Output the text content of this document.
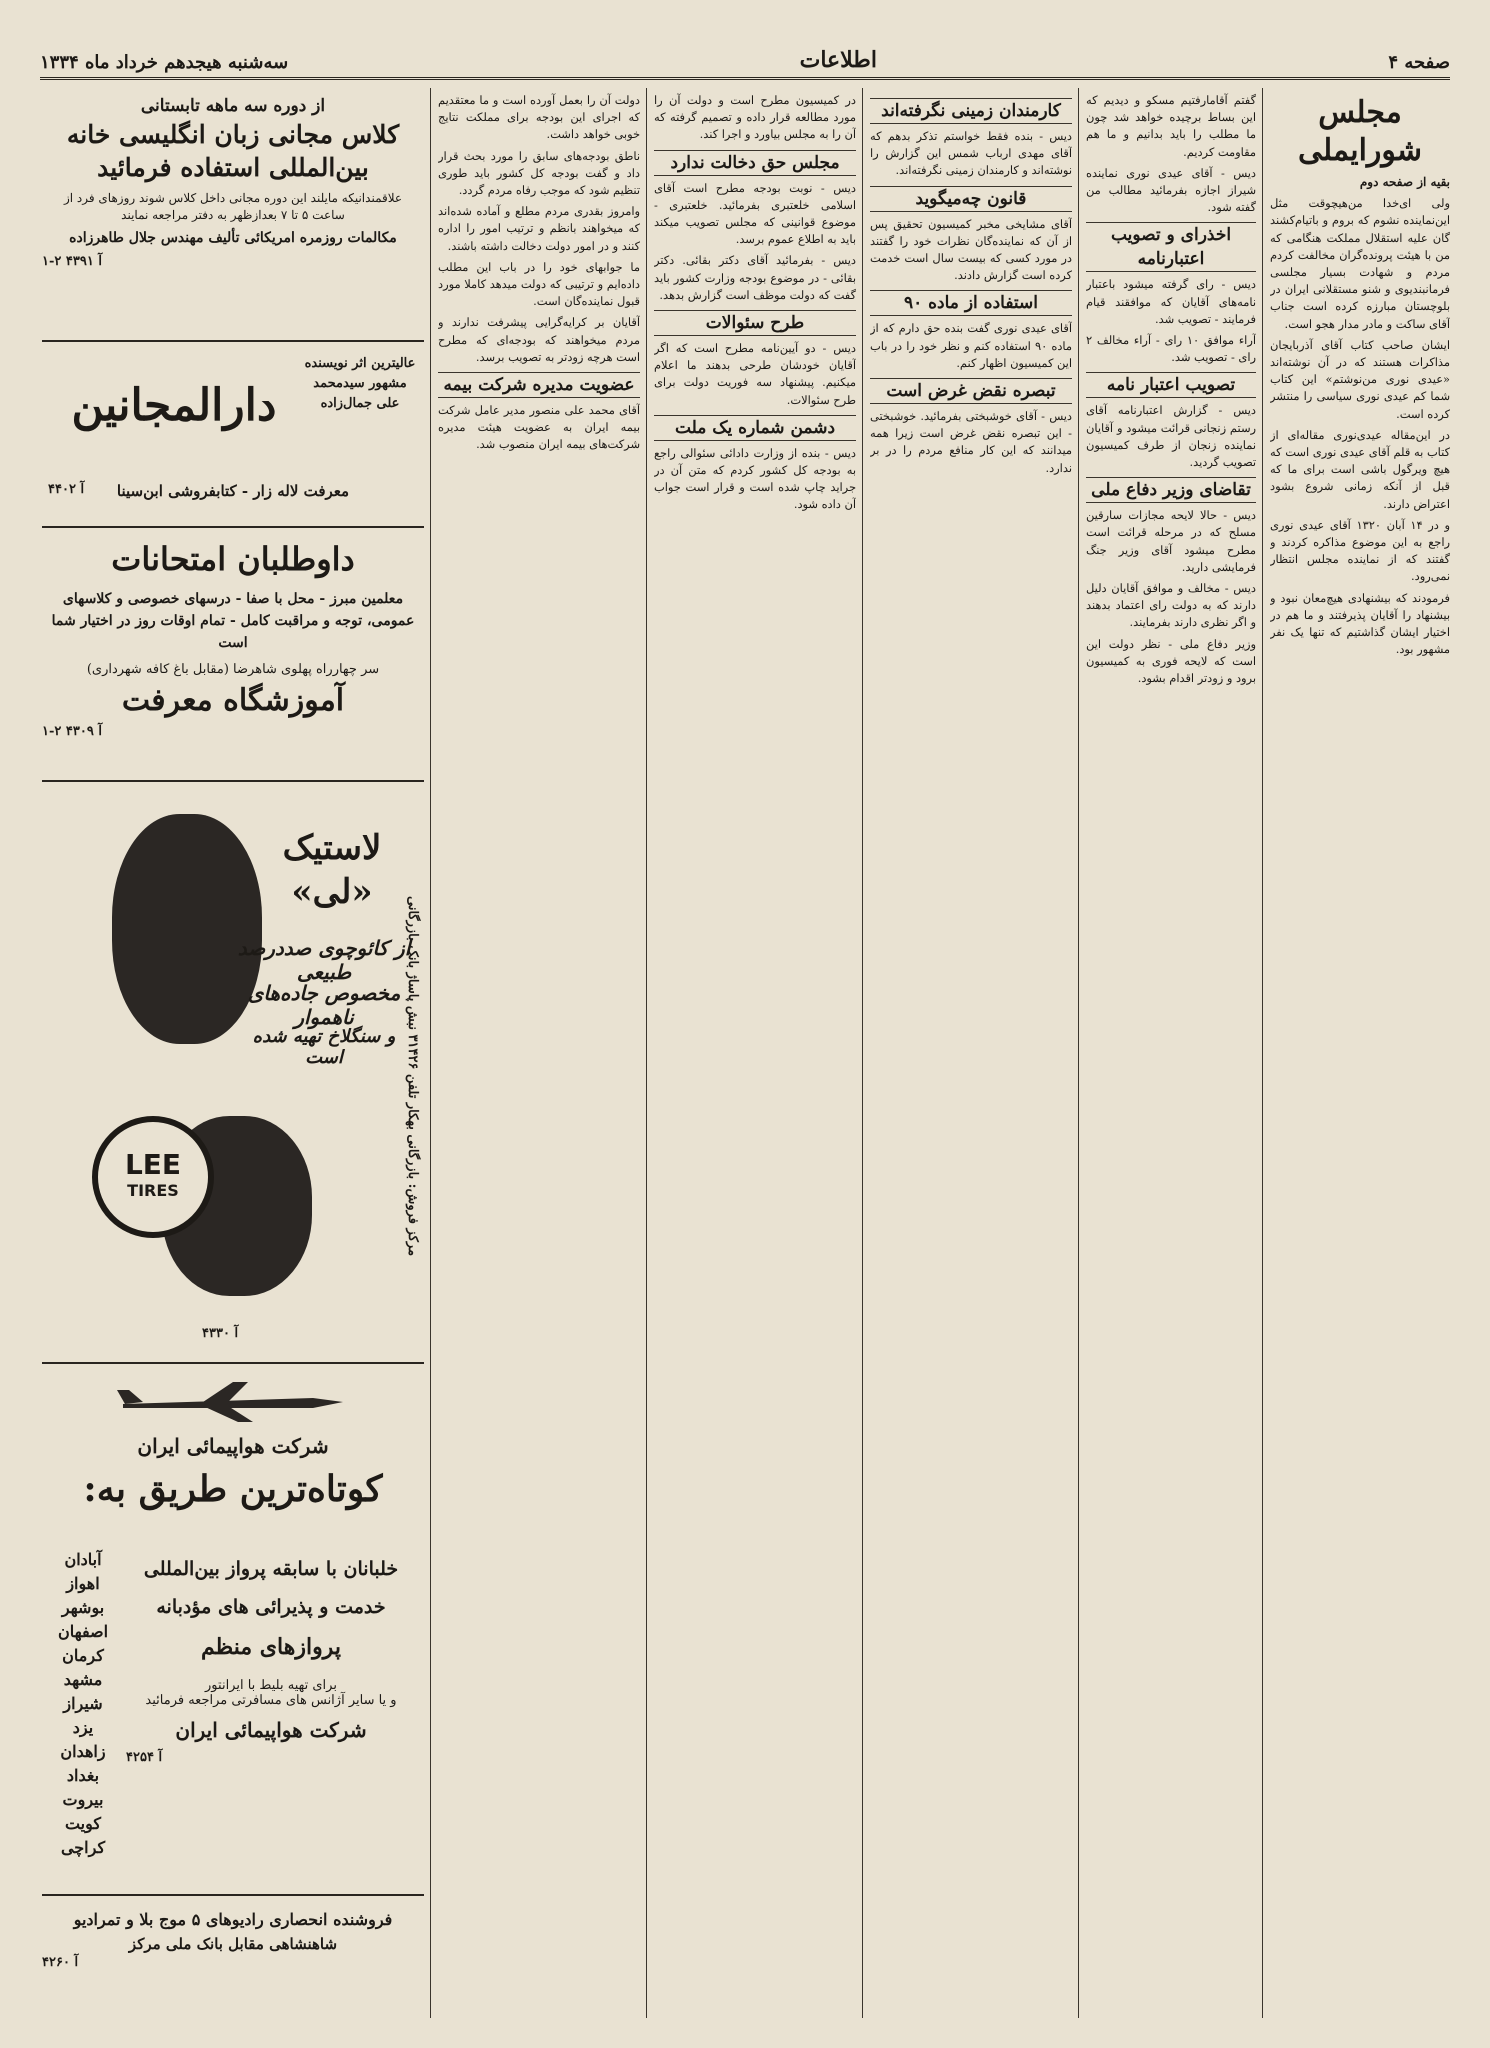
صفحه ۴
اطلاعات
سه‌شنبه هیجدهم خرداد ماه ۱۳۳۴
مجلس شورایملی
بقیه از صفحه دوم

ولی ای‌خدا من‌هیچوقت مثل این‌نماینده نشوم که بروم و باتیام‌کشند گان علیه استقلال مملکت هنگامی که من با هیئت پرونده‌گران مخالفت کردم مردم و شهادت بسیار مجلسی فرمانبندیوی و شنو مستقلانی ایران در بلوچستان مبارزه کرده است جناب آقای ساکت و مادر مدار هجو است.

ایشان صاحب کتاب آقای آذربایجان مذاکرات هستند که در آن نوشته‌اند «عیدی نوری من‌نوشتم» این کتاب شما کم عیدی نوری سیاسی را منتشر کرده است.

در این‌مقاله عیدی‌نوری مقاله‌ای از کتاب به قلم آقای عیدی نوری است که هیچ ویرگول باشی است برای ما که قبل از آنکه زمانی شروع بشود اعتراض دارند.

و در ۱۴ آبان ۱۳۲۰ آقای عیدی نوری راجع به این موضوع مذاکره کردند و گفتند که از نماینده مجلس انتظار نمی‌رود.

فرمودند که بیشنهادی هیچ‌معان نبود و بیشنهاد را آقایان پذیرفتند و ما هم در اختیار ایشان گذاشتیم که تنها یک نفر مشهور بود.

گفتم آقامارفتیم مسکو و دیدیم که این بساط برچیده خواهد شد چون ما مطلب را باید بدانیم و ما هم مقاومت کردیم.

دیس - آقای عیدی نوری نماینده شیراز اجازه بفرمائید مطالب من گفته شود.

اخذرای و تصویب اعتبارنامه

دیس - رای گرفته میشود باعتبار نامه‌های آقایان که موافقند قیام فرمایند - تصویب شد.

آراء موافق ۱۰ رای - آراء مخالف ۲ رای - تصویب شد.

تصویب اعتبار نامه

دیس - گزارش اعتبارنامه آقای رستم زنجانی قرائت میشود و آقایان نماینده زنجان از طرف کمیسیون تصویب گردید.

تقاضای وزیر دفاع ملی

دیس - حالا لایحه مجازات سارقین مسلح که در مرحله قرائت است مطرح میشود آقای وزیر جنگ فرمایشی دارید.

دیس - مخالف و موافق آقایان دلیل دارند که به دولت رای اعتماد بدهند و اگر نظری دارند بفرمایند.

وزیر دفاع ملی - نظر دولت این است که لایحه فوری به کمیسیون برود و زودتر اقدام بشود.

کارمندان زمینی نگرفته‌اند

دیس - بنده فقط خواستم تذکر بدهم که آقای مهدی ارباب شمس این گزارش را نوشته‌اند و کارمندان زمینی نگرفته‌اند.

قانون چه‌میگوید

آقای مشایخی مخبر کمیسیون تحقیق پس از آن که نماینده‌گان نظرات خود را گفتند در مورد کسی که بیست سال است خدمت کرده است گزارش دادند.

استفاده از ماده ۹۰

آقای عیدی نوری گفت بنده حق دارم که از ماده ۹۰ استفاده کنم و نظر خود را در باب این کمیسیون اظهار کنم.

تبصره نقض غرض است

دیس - آقای خوشبختی بفرمائید. خوشبختی - این تبصره نقض غرض است زیرا همه میدانند که این کار منافع مردم را در بر ندارد.

در کمیسیون مطرح است و دولت آن را مورد مطالعه قرار داده و تصمیم گرفته که آن را به مجلس بیاورد و اجرا کند.

مجلس حق دخالت ندارد

دیس - نوبت بودجه مطرح است آقای اسلامی خلعتبری بفرمائید. خلعتبری - موضوع قوانینی که مجلس تصویب میکند باید به اطلاع عموم برسد.

دیس - بفرمائید آقای دکتر بقائی. دکتر بقائی - در موضوع بودجه وزارت کشور باید گفت که دولت موظف است گزارش بدهد.

طرح سئوالات

دیس - دو آیین‌نامه مطرح است که اگر آقایان خودشان طرحی بدهند ما اعلام میکنیم. پیشنهاد سه فوریت دولت برای طرح سئوالات.

دشمن شماره یک ملت

دیس - بنده از وزارت دادائی سئوالی راجع به بودجه کل کشور کردم که متن آن در جراید چاپ شده است و قرار است جواب آن داده شود.

دولت آن را بعمل آورده است و ما معتقدیم که اجرای این بودجه برای مملکت نتایج خوبی خواهد داشت.

ناطق بودجه‌های سابق را مورد بحث قرار داد و گفت بودجه کل کشور باید طوری تنظیم شود که موجب رفاه مردم گردد.

وامروز بقدری مردم مطلع و آماده شده‌اند که میخواهند بانظم و ترتیب امور را اداره کنند و در امور دولت دخالت داشته باشند.

ما جوابهای خود را در باب این مطلب داده‌ایم و ترتیبی که دولت میدهد کاملا مورد قبول نماینده‌گان است.

آقایان بر کرایه‌گرایی پیشرفت ندارند و مردم میخواهند که بودجه‌ای که مطرح است هرچه زودتر به تصویب برسد.

عضویت مدیره شرکت بیمه

آقای محمد علی منصور مدیر عامل شرکت بیمه ایران به عضویت هیئت مدیره شرکت‌های بیمه ایران منصوب شد.

از دوره سه ماهه تابستانی
کلاس مجانی زبان انگلیسی خانه
بین‌المللی استفاده فرمائید
علاقمندانیکه مایلند این دوره مجانی داخل کلاس شوند روزهای فرد از ساعت ۵ تا ۷ بعدازظهر به دفتر مراجعه نمایند
مکالمات روزمره امریکائی تألیف مهندس جلال طاهرزاده
آ ۴۳۹۱ ۲-۱
عالیترین اثر نویسنده مشهور سیدمحمد علی جمال‌زاده
دارالمجانین
معرفت لاله زار - کتابفروشی ابن‌سینا
آ ۴۴۰۲
داوطلبان امتحانات
معلمین مبرز - محل با صفا - درسهای خصوصی و کلاسهای عمومی، توجه و مراقبت کامل - تمام اوقات روز در اختیار شما است
سر چهارراه پهلوی شاهرضا (مقابل باغ کافه شهرداری)
آموزشگاه معرفت
آ ۴۳۰۹ ۲-۱
لاستیک «لی»
از کائوچوی صددرصد طبیعی
مخصوص جاده‌های ناهموار
و سنگلاخ تهیه شده است
LEE
TIRES
مرکز فروش: بازرگانی بهکار تلفن ۳۱۴۲۶ نبش پاساژ بانک بازرگانی
آ ۴۳۳۰
شرکت هواپیمائی ایران
کوتاه‌ترین طریق به:
آبادان
اهواز
بوشهر
اصفهان
کرمان
مشهد
شیراز
یزد
زاهدان
بغداد
بیروت
کویت
کراچی
خلبانان با سابقه پرواز بین‌المللی
خدمت و پذیرائی های مؤدبانه
پروازهای منظم
برای تهیه بلیط با ایرانتور
و یا سایر آژانس های مسافرتی مراجعه فرمائید
شرکت هواپیمائی ایران
آ ۴۲۵۴
فروشنده انحصاری رادیوهای ۵ موج بلا و تمرادیو
شاهنشاهی مقابل بانک ملی مرکز
آ ۴۲۶۰
